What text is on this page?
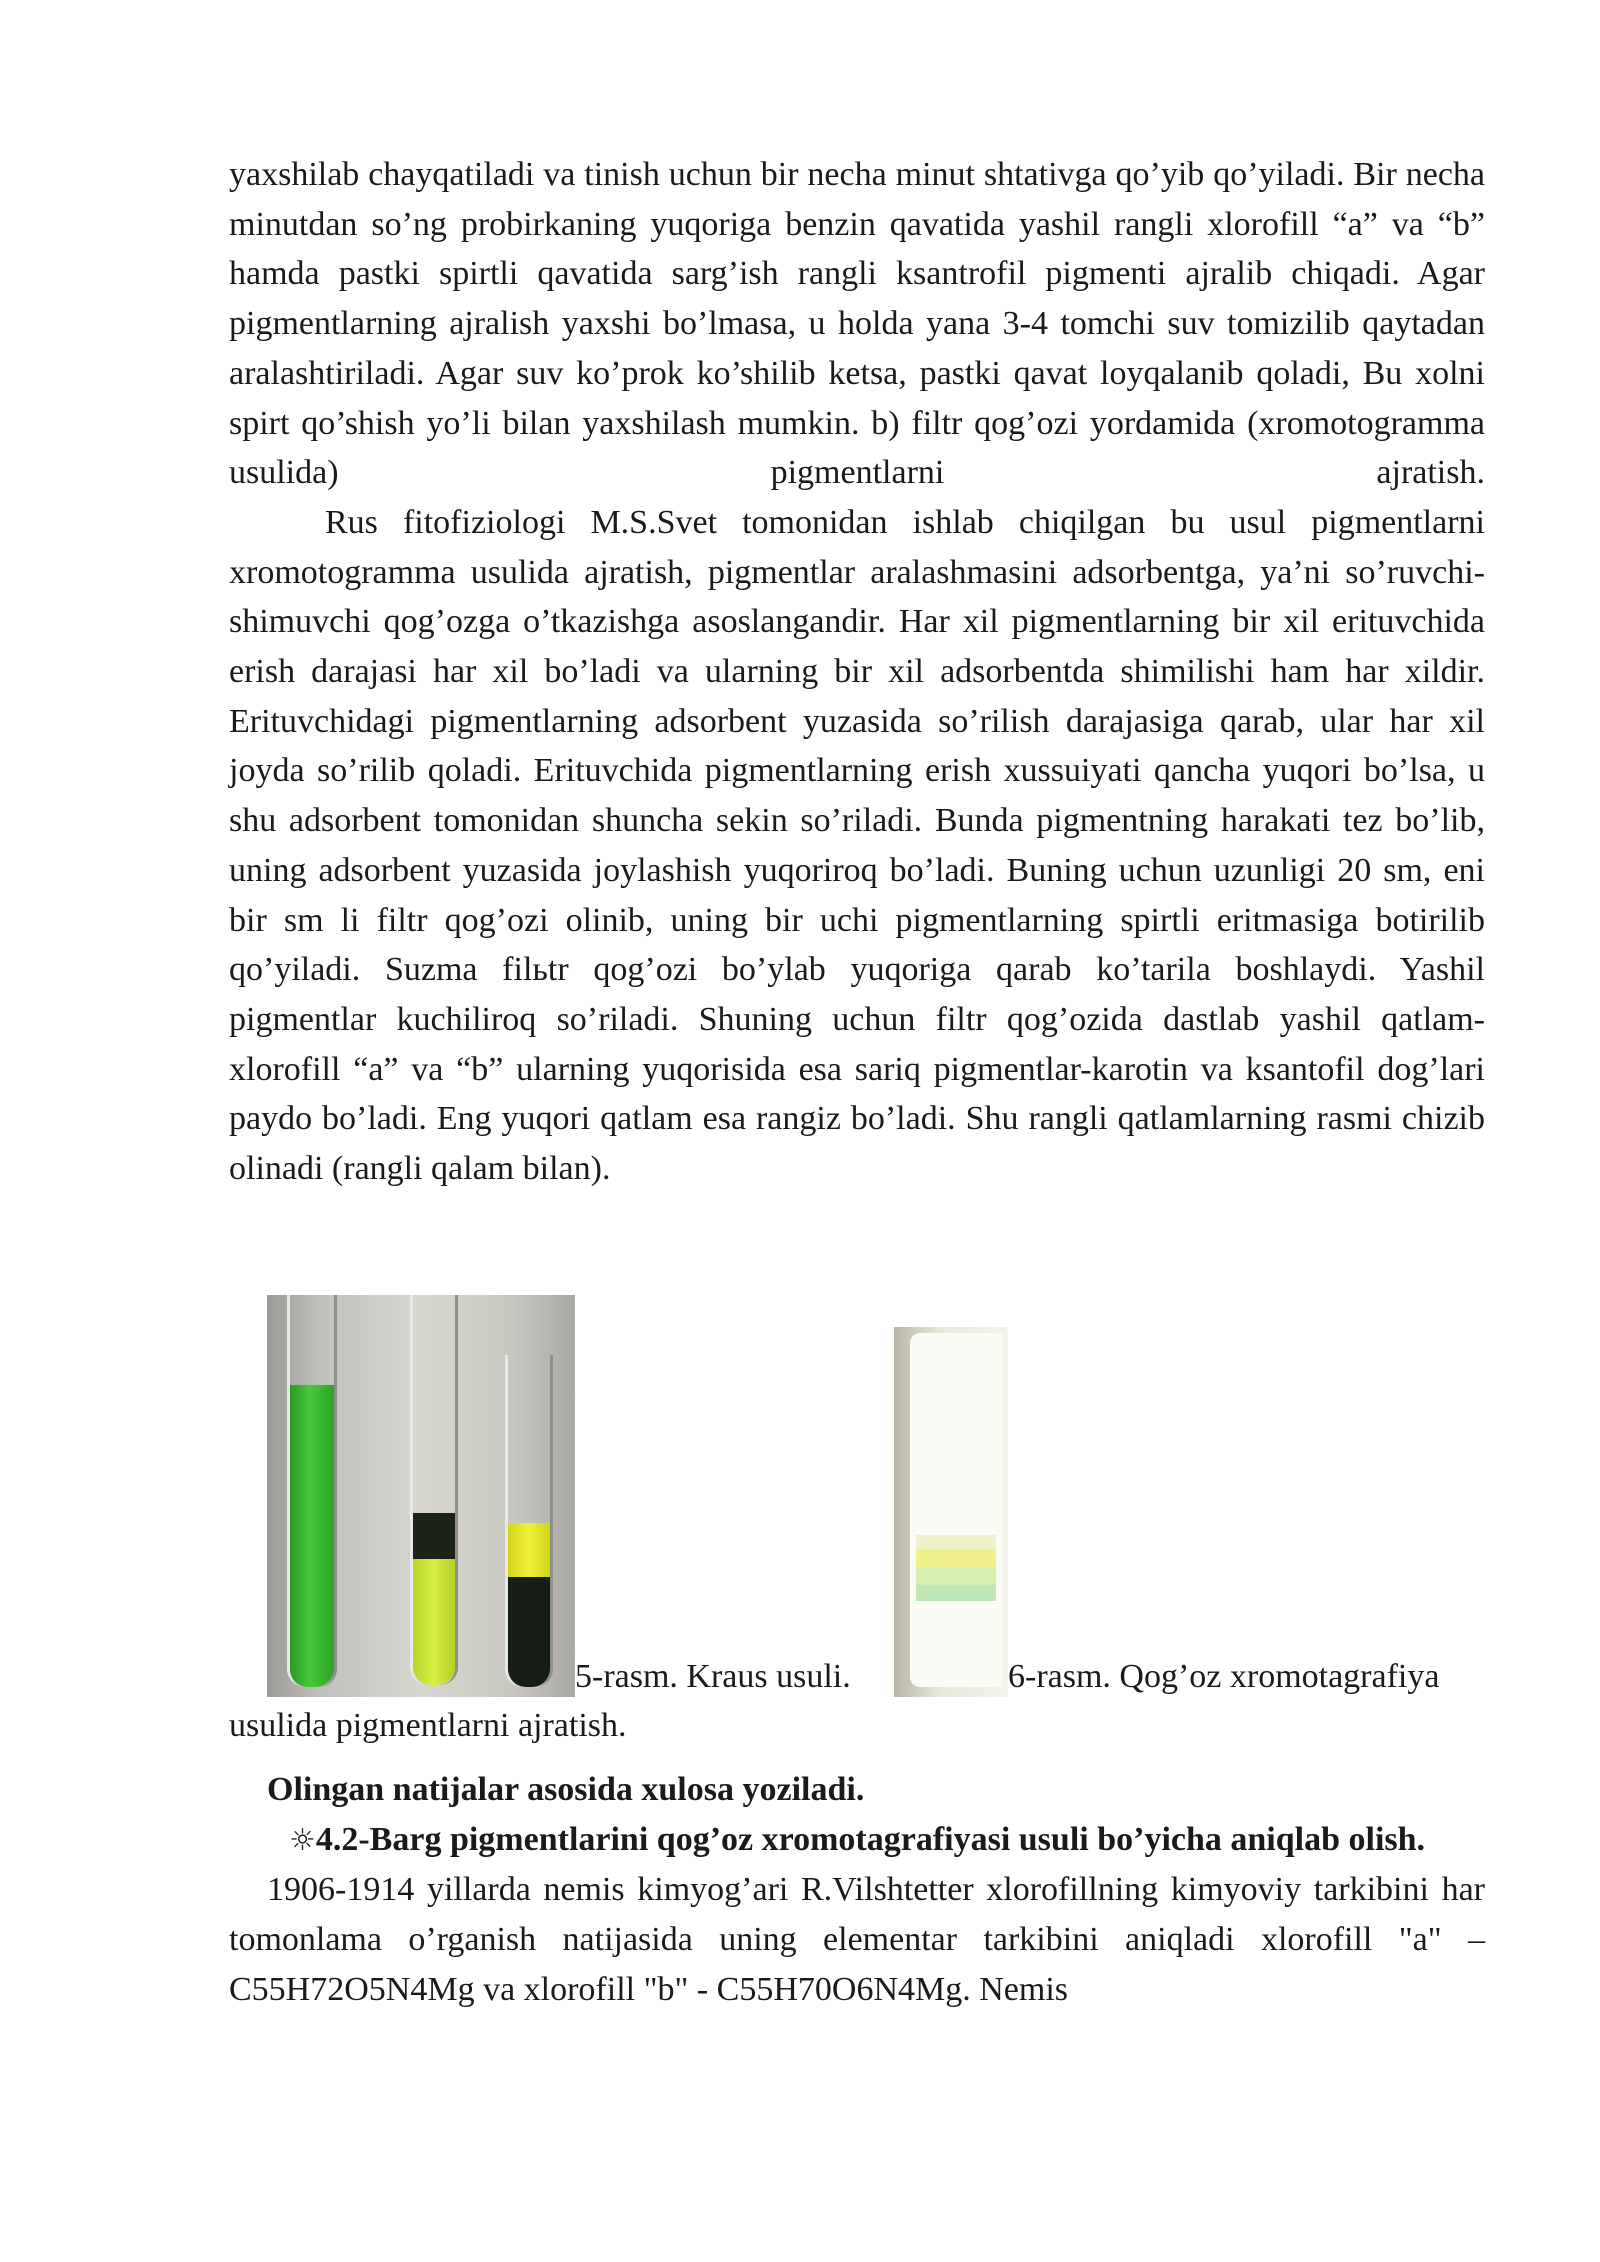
yaxshilab chayqatiladi va tinish uchun bir necha minut shtativga qo’yib qo’yiladi. Bir necha minutdan so’ng probirkaning yuqoriga benzin qavatida yashil rangli xlorofill “a” va “b” hamda pastki spirtli qavatida sarg’ish rangli ksantrofil pigmenti ajralib chiqadi. Agar pigmentlarning ajralish yaxshi bo’lmasa, u holda yana 3-4 tomchi suv tomizilib qaytadan aralashtiriladi. Agar suv ko’prok ko’shilib ketsa, pastki qavat loyqalanib qoladi, Bu xolni spirt qo’shish yo’li bilan yaxshilash mumkin. b) filtr qog’ozi yordamida (xromotogramma usulida) pigmentlarni ajratish.

Rus fitofiziologi M.S.Svet tomonidan ishlab chiqilgan bu usul pigmentlarni xromotogramma usulida ajratish, pigmentlar aralashmasini adsorbentga, ya’ni so’ruvchi-shimuvchi qog’ozga o’tkazishga asoslangandir. Har xil pigmentlarning bir xil erituvchida erish darajasi har xil bo’ladi va ularning bir xil adsorbentda shimilishi ham har xildir. Erituvchidagi pigmentlarning adsorbent yuzasida so’rilish darajasiga qarab, ular har xil joyda so’rilib qoladi. Erituvchida pigmentlarning erish xussuiyati qancha yuqori bo’lsa, u shu adsorbent tomonidan shuncha sekin so’riladi. Bunda pigmentning harakati tez bo’lib, uning adsorbent yuzasida joylashish yuqoriroq bo’ladi. Buning uchun uzunligi 20 sm, eni bir sm li filtr qog’ozi olinib, uning bir uchi pigmentlarning spirtli eritmasiga botirilib qo’yiladi. Suzma filьtr qog’ozi bo’ylab yuqoriga qarab ko’tarila boshlaydi. Yashil pigmentlar kuchiliroq so’riladi. Shuning uchun filtr qog’ozida dastlab yashil qatlam-xlorofill “a” va “b” ularning yuqorisida esa sariq pigmentlar-karotin va ksantofil dog’lari paydo bo’ladi. Eng yuqori qatlam esa rangiz bo’ladi. Shu rangli qatlamlarning rasmi chizib olinadi (rangli qalam bilan).

5-rasm. Kraus usuli.	6-rasm. Qog’oz xromotagrafiya
usulida pigmentlarni ajratish.

Olingan natijalar asosida xulosa yoziladi.

☼4.2-Barg pigmentlarini qog’oz xromotagrafiyasi usuli bo’yicha aniqlab olish.

1906-1914 yillarda nemis kimyog’ari R.Vilshtetter xlorofillning kimyoviy tarkibini har tomonlama o’rganish natijasida uning elementar tarkibini aniqladi xlorofill "a" –C55H72O5N4Mg va xlorofill "b" - C55H70O6N4Mg. Nemis
